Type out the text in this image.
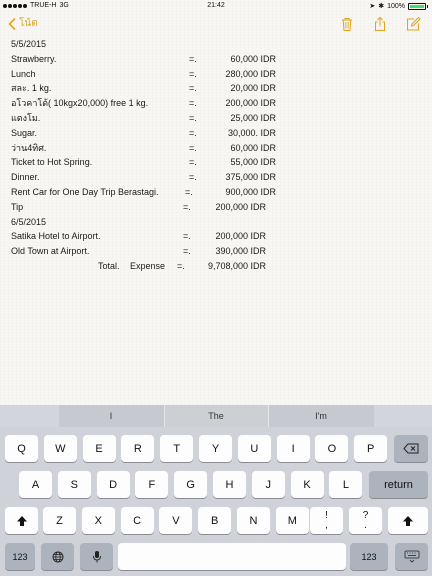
TRUE-H 3G	21:42	➤ ✱ 100%
โน้ต
5/5/2015
Strawberry.	=.	60,000 IDR
Lunch	=.	280,000 IDR
สละ. 1 kg.	=.	20,000 IDR
อโวคาโด้( 10kgx20,000) free 1 kg.	=.	200,000 IDR
แตงโม.	=.	25,000 IDR
Sugar.	=.	30,000. IDR
ว่าน4ทิศ.	=.	60,000 IDR
Ticket to Hot Spring.	=.	55,000 IDR
Dinner.	=.	375,000 IDR
Rent Car for One Day Trip Berastagi.	=.	900,000 IDR
Tip	=.	200,000 IDR
6/5/2015
Satika Hotel to Airport.	=.	200,000 IDR
Old Town at Airport.	=.	390,000 IDR
Total. Expense =.	9,708,000 IDR
I	The	I'm
Q	W	E	R	T	Y	U	I	O	P
A	S	D	F	G	H	J	K	L	return
Z	X	C	V	B	N	M	!
,
?
.
123	123
